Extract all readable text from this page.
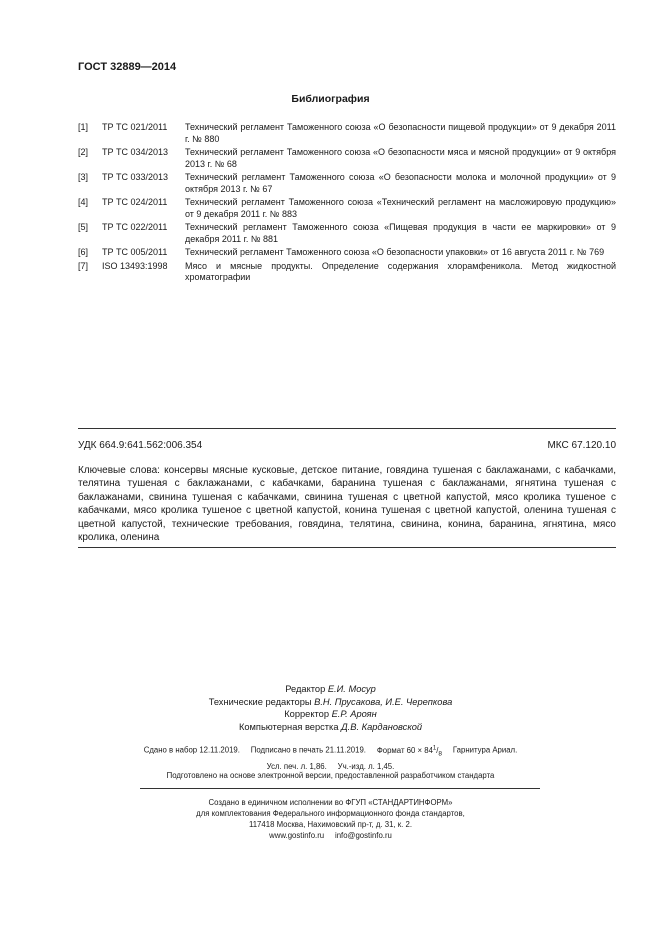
ГОСТ 32889—2014
Библиография
[1]	ТР ТС 021/2011	Технический регламент Таможенного союза «О безопасности пищевой продукции» от 9 декабря 2011 г. № 880
[2]	ТР ТС 034/2013	Технический регламент Таможенного союза «О безопасности мяса и мясной продукции» от 9 октября 2013 г. № 68
[3]	ТР ТС 033/2013	Технический регламент Таможенного союза «О безопасности молока и молочной продукции» от 9 октября 2013 г. № 67
[4]	ТР ТС 024/2011	Технический регламент Таможенного союза «Технический регламент на масложировую продукцию» от 9 декабря 2011 г. № 883
[5]	ТР ТС 022/2011	Технический регламент Таможенного союза «Пищевая продукция в части ее маркировки» от 9 декабря 2011 г. № 881
[6]	ТР ТС 005/2011	Технический регламент Таможенного союза «О безопасности упаковки» от 16 августа 2011 г. № 769
[7]	ISO 13493:1998	Мясо и мясные продукты. Определение содержания хлорамфеникола. Метод жидкостной хроматографии
УДК 664.9:641.562:006.354	МКС 67.120.10
Ключевые слова: консервы мясные кусковые, детское питание, говядина тушеная с баклажанами, с кабачками, телятина тушеная с баклажанами, с кабачками, баранина тушеная с баклажанами, ягнятина тушеная с баклажанами, свинина тушеная с кабачками, свинина тушеная с цветной капустой, мясо кролика тушеное с кабачками, мясо кролика тушеное с цветной капустой, конина тушеная с цветной капустой, оленина тушеная с цветной капустой, технические требования, говядина, телятина, свинина, конина, баранина, ягнятина, мясо кролика, оленина
Редактор Е.И. Мосур
Технические редакторы В.Н. Прусакова, И.Е. Черепкова
Корректор Е.Р. Ароян
Компьютерная верстка Д.В. Кардановской
Сдано в набор 12.11.2019. Подписано в печать 21.11.2019. Формат $60 \times 84^1/_8$ Гарнитура Ариал.
Усл. печ. л. 1,86. Уч.-изд. л. 1,45.
Подготовлено на основе электронной версии, предоставленной разработчиком стандарта
Создано в единичном исполнении во ФГУП «СТАНДАРТИНФОРМ»
для комплектования Федерального информационного фонда стандартов,
117418 Москва, Нахимовский пр-т, д. 31, к. 2.
www.gostinfo.ru info@gostinfo.ru
